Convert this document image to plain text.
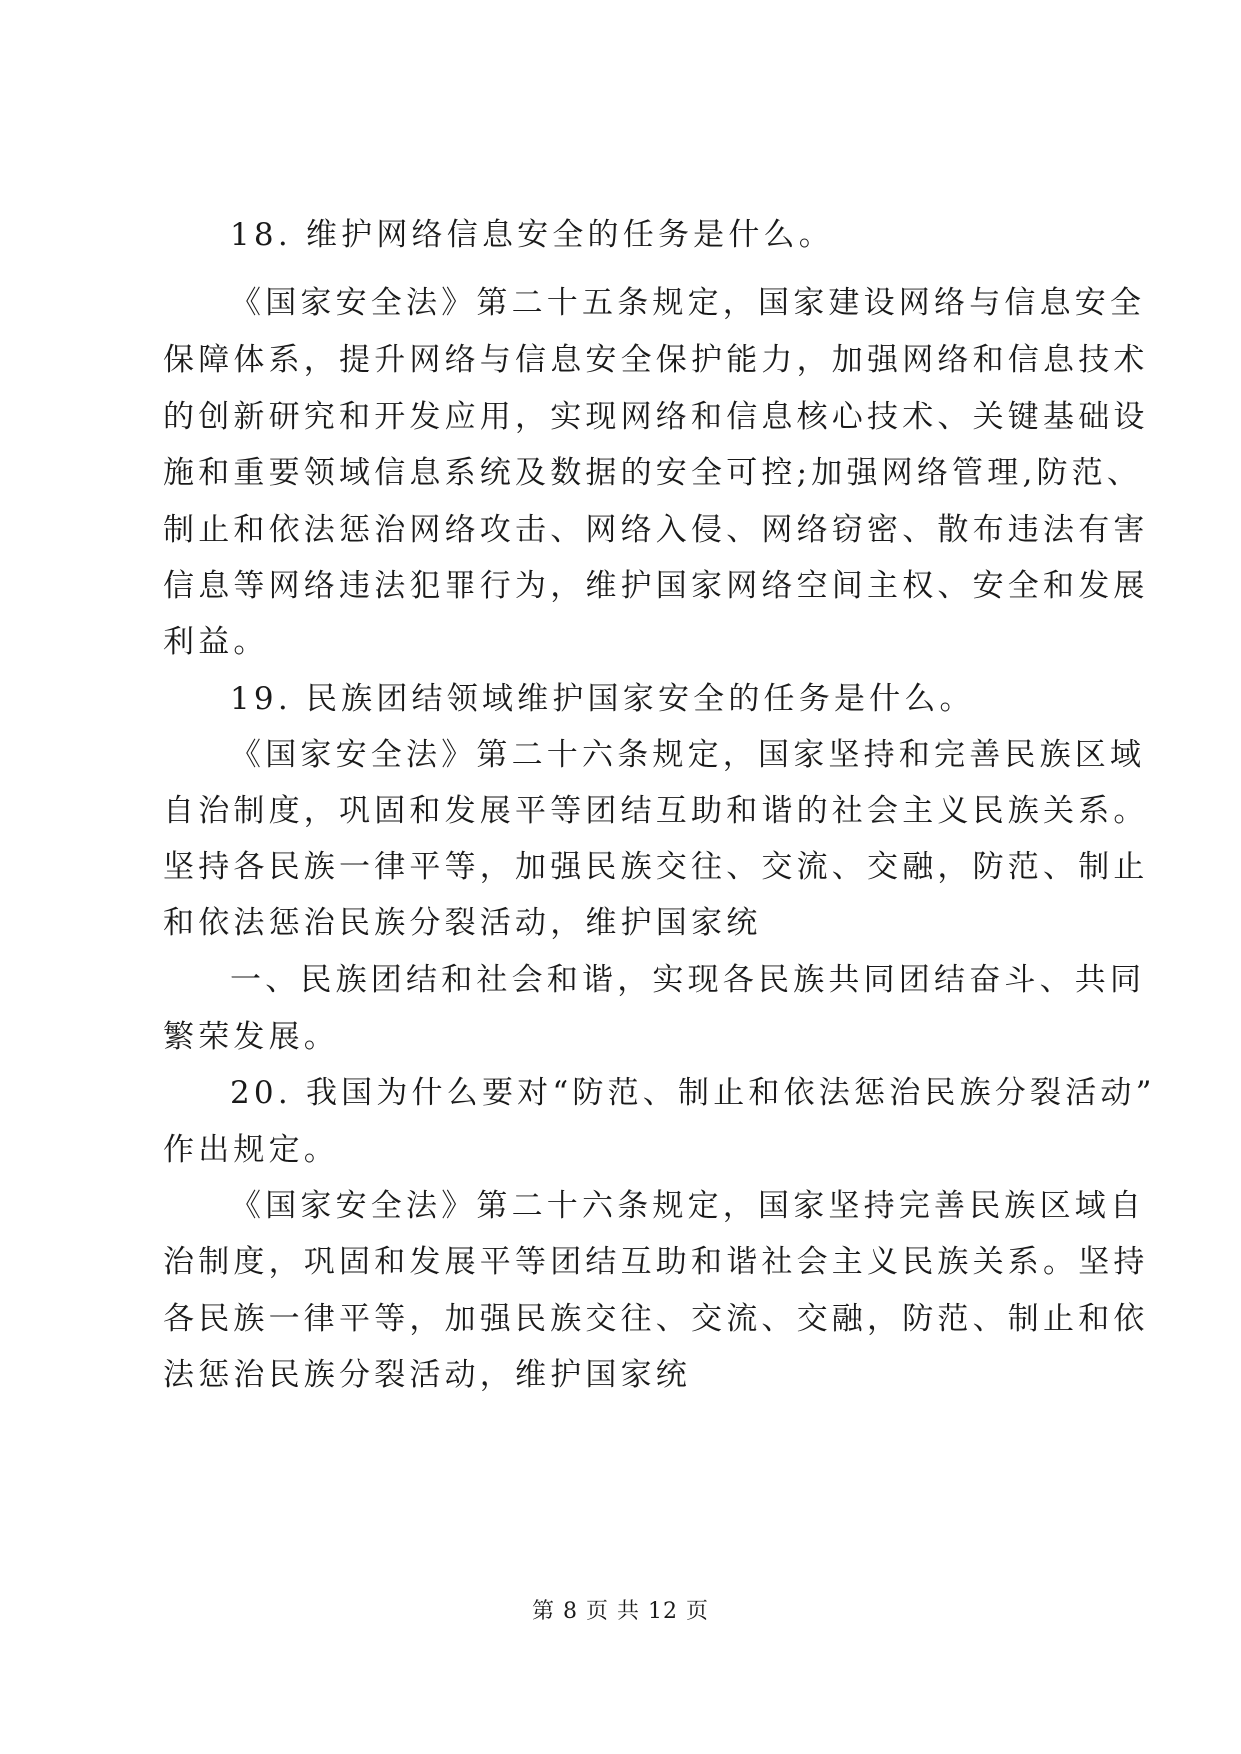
18. 维护网络信息安全的任务是什么。
《国家安全法》第二十五条规定，国家建设网络与信息安全
保障体系，提升网络与信息安全保护能力，加强网络和信息技术
的创新研究和开发应用，实现网络和信息核心技术、关键基础设
施和重要领域信息系统及数据的安全可控;加强网络管理,防范、
制止和依法惩治网络攻击、网络入侵、网络窃密、散布违法有害
信息等网络违法犯罪行为，维护国家网络空间主权、安全和发展
利益。
19. 民族团结领域维护国家安全的任务是什么。
《国家安全法》第二十六条规定，国家坚持和完善民族区域
自治制度，巩固和发展平等团结互助和谐的社会主义民族关系。
坚持各民族一律平等，加强民族交往、交流、交融，防范、制止
和依法惩治民族分裂活动，维护国家统
一、民族团结和社会和谐，实现各民族共同团结奋斗、共同
繁荣发展。
20. 我国为什么要对“防范、制止和依法惩治民族分裂活动”
作出规定。
《国家安全法》第二十六条规定，国家坚持完善民族区域自
治制度，巩固和发展平等团结互助和谐社会主义民族关系。坚持
各民族一律平等，加强民族交往、交流、交融，防范、制止和依
法惩治民族分裂活动，维护国家统
第 8 页 共 12 页
